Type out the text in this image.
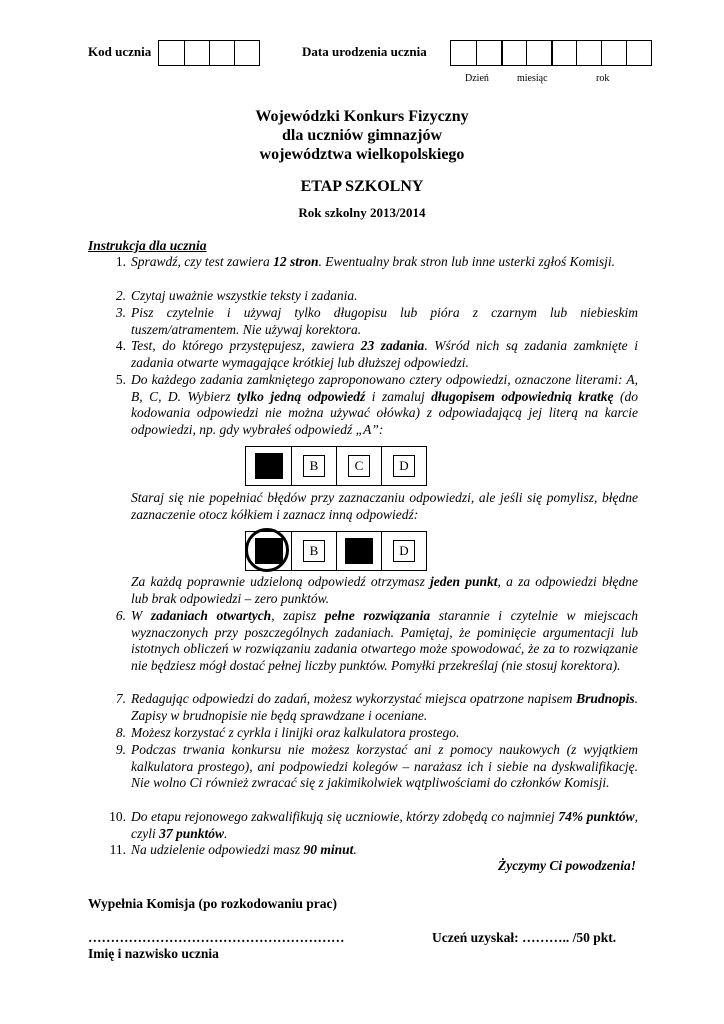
Kod ucznia	Data urodzenia ucznia
Dzień	miesiąc	rok
Wojewódzki Konkurs Fizyczny
dla uczniów gimnazjów
województwa wielkopolskiego
ETAP SZKOLNY
Rok szkolny 2013/2014
Instrukcja dla ucznia
1. Sprawdź, czy test zawiera 12 stron. Ewentualny brak stron lub inne usterki zgłoś Komisji.
2. Czytaj uważnie wszystkie teksty i zadania.
3. Pisz czytelnie i używaj tylko długopisu lub pióra z czarnym lub niebieskim tuszem/atramentem. Nie używaj korektora.
4. Test, do którego przystępujesz, zawiera 23 zadania. Wśród nich są zadania zamknięte i zadania otwarte wymagające krótkiej lub dłuższej odpowiedzi.
5. Do każdego zadania zamkniętego zaproponowano cztery odpowiedzi, oznaczone literami: A, B, C, D. Wybierz tylko jedną odpowiedź i zamaluj długopisem odpowiednią kratkę (do kodowania odpowiedzi nie można używać ołówka) z odpowiadającą jej literą na karcie odpowiedzi, np. gdy wybrałeś odpowiedź „A”:
B	C	D
Staraj się nie popełniać błędów przy zaznaczaniu odpowiedzi, ale jeśli się pomylisz, błędne zaznaczenie otocz kółkiem i zaznacz inną odpowiedź:
B	D
Za każdą poprawnie udzieloną odpowiedź otrzymasz jeden punkt, a za odpowiedzi błędne lub brak odpowiedzi – zero punktów.
6. W zadaniach otwartych, zapisz pełne rozwiązania starannie i czytelnie w miejscach wyznaczonych przy poszczególnych zadaniach. Pamiętaj, że pominięcie argumentacji lub istotnych obliczeń w rozwiązaniu zadania otwartego może spowodować, że za to rozwiązanie nie będziesz mógł dostać pełnej liczby punktów. Pomyłki przekreślaj (nie stosuj korektora).
7. Redagując odpowiedzi do zadań, możesz wykorzystać miejsca opatrzone napisem Brudnopis. Zapisy w brudnopisie nie będą sprawdzane i oceniane.
8. Możesz korzystać z cyrkla i linijki oraz kalkulatora prostego.
9. Podczas trwania konkursu nie możesz korzystać ani z pomocy naukowych (z wyjątkiem kalkulatora prostego), ani podpowiedzi kolegów – narażasz ich i siebie na dyskwalifikację. Nie wolno Ci również zwracać się z jakimikolwiek wątpliwościami do członków Komisji.
10. Do etapu rejonowego zakwalifikują się uczniowie, którzy zdobędą co najmniej 74% punktów, czyli 37 punktów.
11. Na udzielenie odpowiedzi masz 90 minut.
Życzymy Ci powodzenia!
Wypełnia Komisja (po rozkodowaniu prac)
…………………………………………………	Uczeń uzyskał: ……….. /50 pkt.
Imię i nazwisko ucznia
